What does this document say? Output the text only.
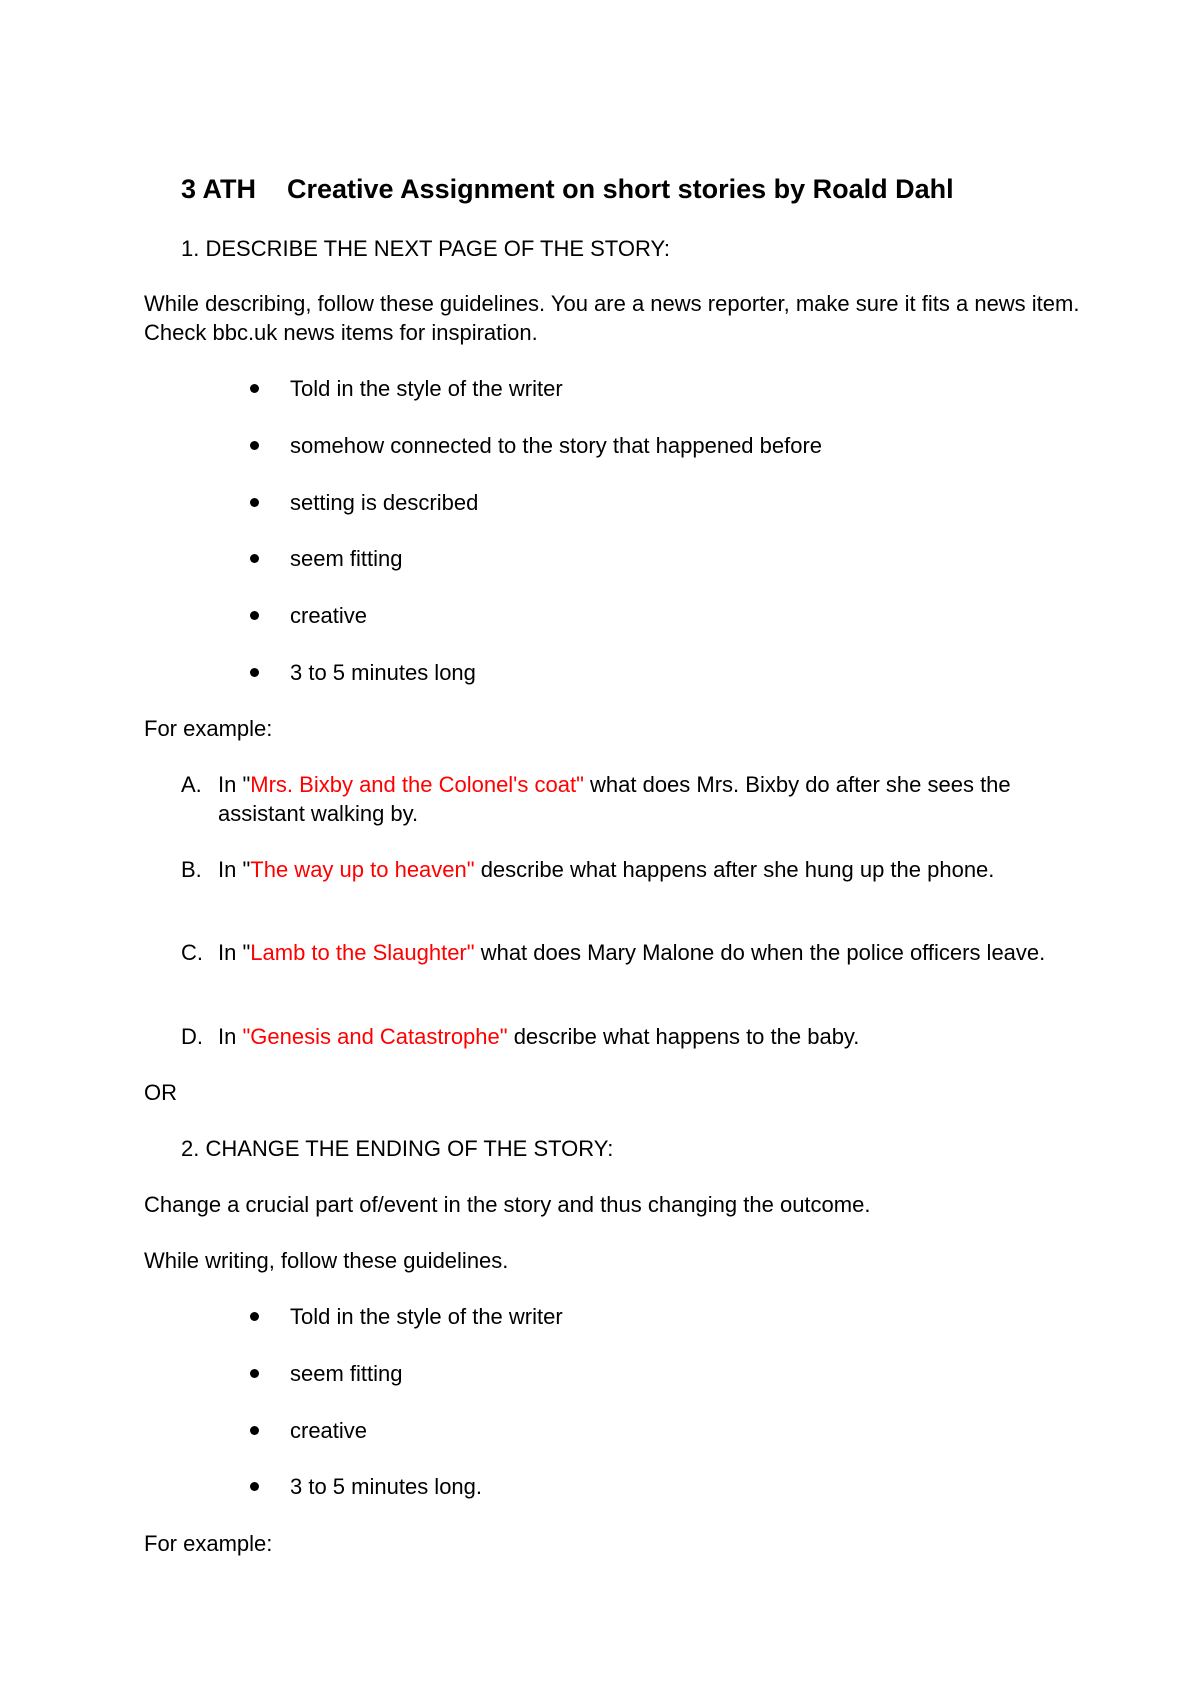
3 ATH Creative Assignment on short stories by Roald Dahl
1. DESCRIBE THE NEXT PAGE OF THE STORY:
While describing, follow these guidelines. You are a news reporter, make sure it fits a news item. Check bbc.uk news items for inspiration.
Told in the style of the writer
somehow connected to the story that happened before
setting is described
seem fitting
creative
3 to 5 minutes long
For example:
A. In "Mrs. Bixby and the Colonel's coat" what does Mrs. Bixby do after she sees the assistant walking by.
B. In "The way up to heaven" describe what happens after she hung up the phone.
C. In "Lamb to the Slaughter" what does Mary Malone do when the police officers leave.
D. In "Genesis and Catastrophe" describe what happens to the baby.
OR
2. CHANGE THE ENDING OF THE STORY:
Change a crucial part of/event in the story and thus changing the outcome.
While writing, follow these guidelines.
Told in the style of the writer
seem fitting
creative
3 to 5 minutes long.
For example:
